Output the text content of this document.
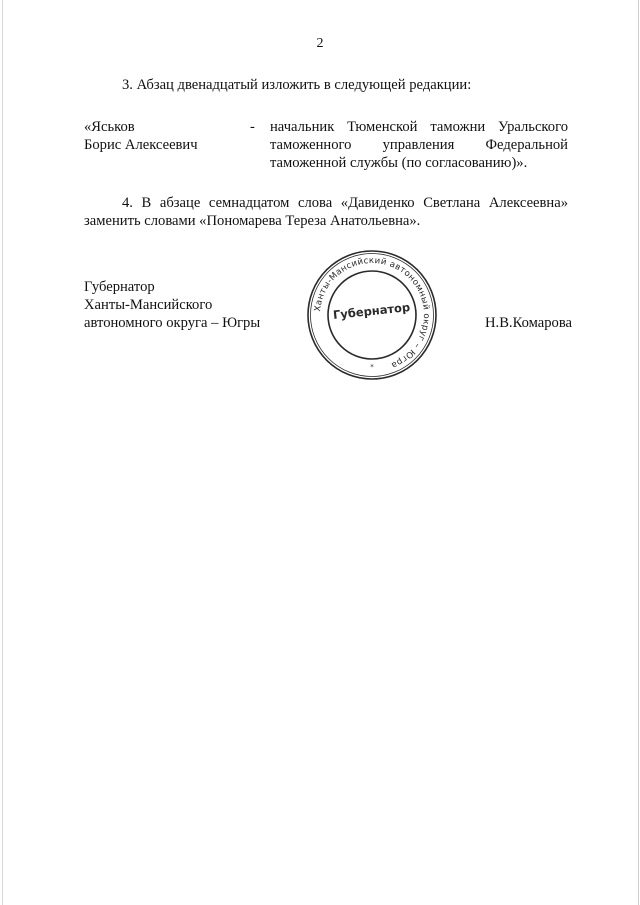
2
3. Абзац двенадцатый изложить в следующей редакции:
«Яськов
Борис Алексеевич
- начальник Тюменской таможни Уральского таможенного управления Федеральной таможенной службы (по согласованию)».
4. В абзаце семнадцатом слова «Давиденко Светлана Алексеевна» заменить словами «Пономарева Тереза Анатольевна».
Губернатор
Ханты-Мансийского
автономного округа – Югры
Ханты-Мансийский автономный округ – Югра
Губернатор
*
Н.В.Комарова
